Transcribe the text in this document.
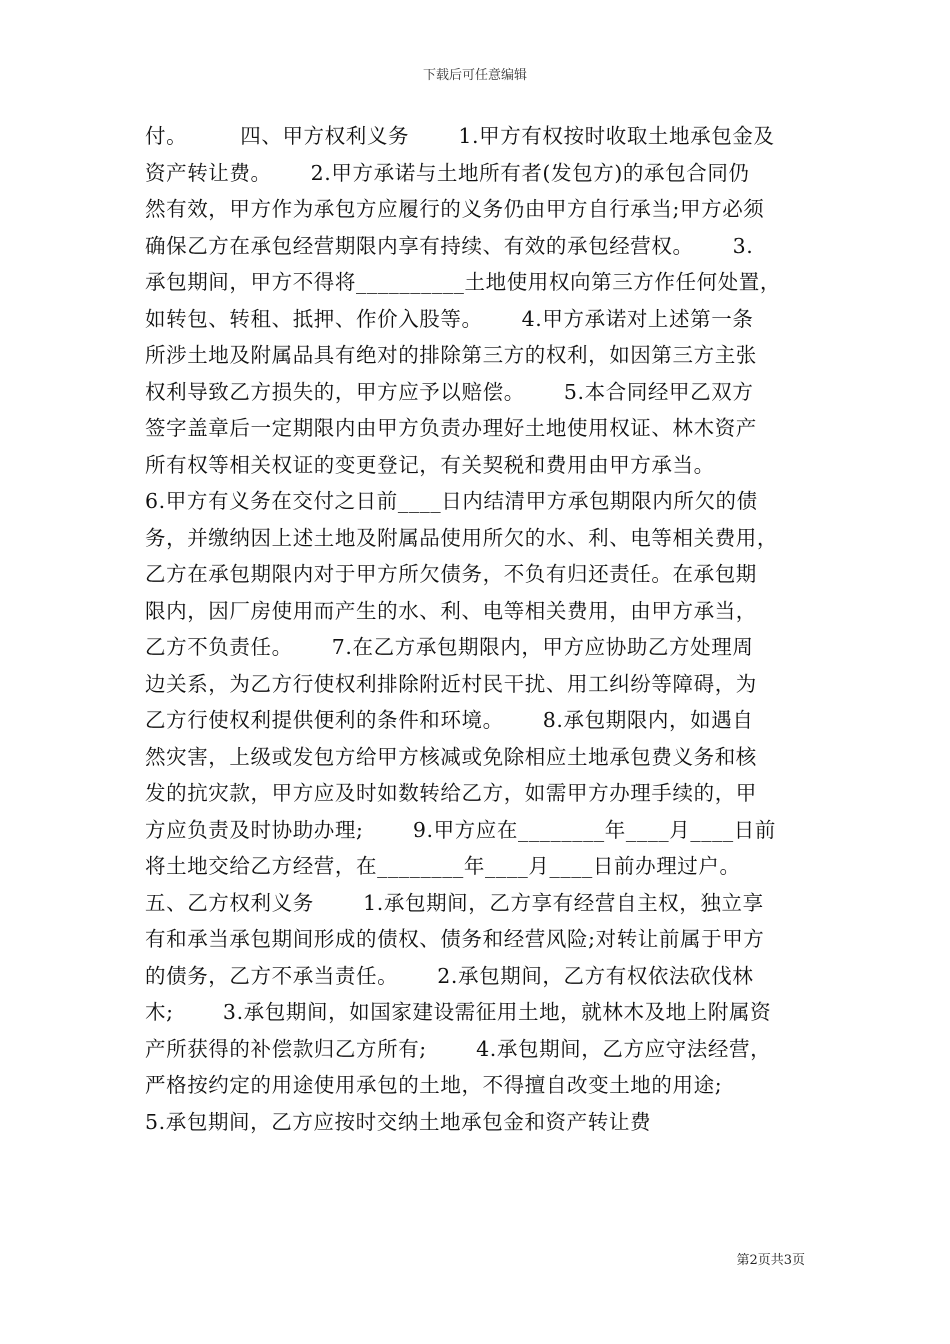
下载后可任意编辑
付。　　　四、甲方权利义务　　 1.甲方有权按时收取土地承包金及
资产转让费。　　 2.甲方承诺与土地所有者(发包方)的承包合同仍
然有效，甲方作为承包方应履行的义务仍由甲方自行承当;甲方必须
确保乙方在承包经营期限内享有持续、有效的承包经营权。　　 3.
承包期间，甲方不得将__________土地使用权向第三方作任何处置，
如转包、转租、抵押、作价入股等。　　 4.甲方承诺对上述第一条
所涉土地及附属品具有绝对的排除第三方的权利，如因第三方主张
权利导致乙方损失的，甲方应予以赔偿。　　 5.本合同经甲乙双方
签字盖章后一定期限内由甲方负责办理好土地使用权证、林木资产
所有权等相关权证的变更登记，有关契税和费用由甲方承当。
6.甲方有义务在交付之日前____日内结清甲方承包期限内所欠的债
务，并缴纳因上述土地及附属品使用所欠的水、利、电等相关费用，
乙方在承包期限内对于甲方所欠债务，不负有归还责任。在承包期
限内，因厂房使用而产生的水、利、电等相关费用，由甲方承当，
乙方不负责任。　　 7.在乙方承包期限内，甲方应协助乙方处理周
边关系，为乙方行使权利排除附近村民干扰、用工纠纷等障碍，为
乙方行使权利提供便利的条件和环境。　　 8.承包期限内，如遇自
然灾害，上级或发包方给甲方核减或免除相应土地承包费义务和核
发的抗灾款，甲方应及时如数转给乙方，如需甲方办理手续的，甲
方应负责及时协助办理;　　 9.甲方应在________年____月____日前
将土地交给乙方经营，在________年____月____日前办理过户。
五、乙方权利义务　　 1.承包期间，乙方享有经营自主权，独立享
有和承当承包期间形成的债权、债务和经营风险;对转让前属于甲方
的债务，乙方不承当责任。　　 2.承包期间，乙方有权依法砍伐林
木;　　 3.承包期间，如国家建设需征用土地，就林木及地上附属资
产所获得的补偿款归乙方所有;　　 4.承包期间，乙方应守法经营，
严格按约定的用途使用承包的土地，不得擅自改变土地的用途;
5.承包期间，乙方应按时交纳土地承包金和资产转让费
第2页共3页
